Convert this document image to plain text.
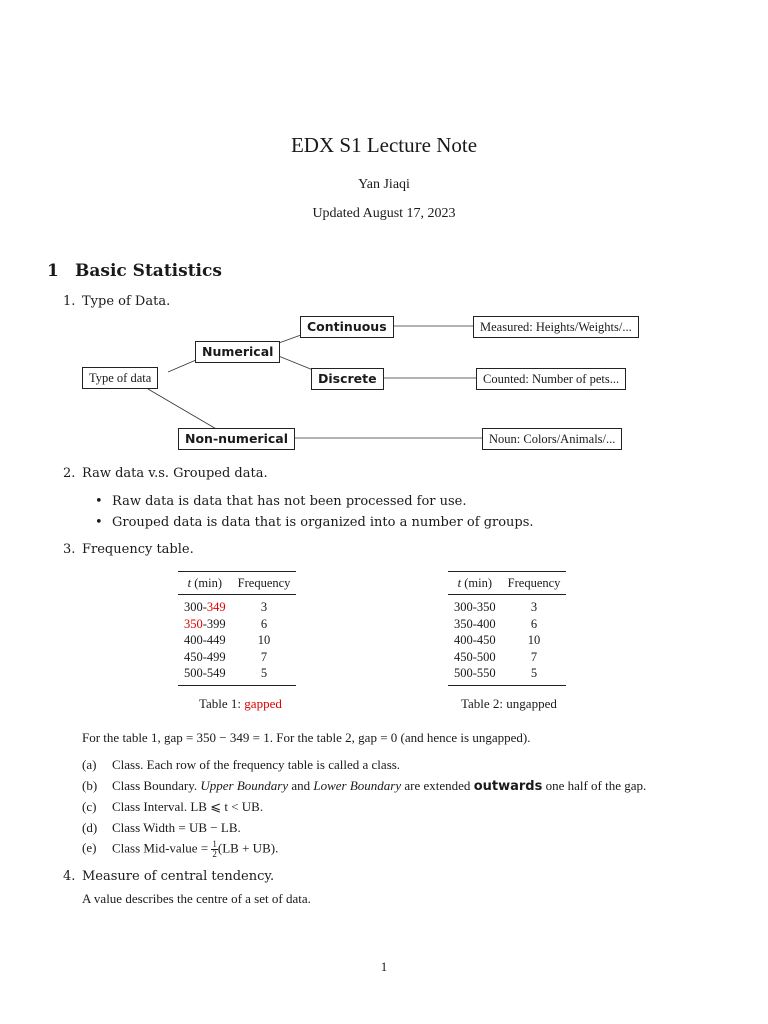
EDX S1 Lecture Note
Yan Jiaqi
Updated August 17, 2023
1 Basic Statistics
1. Type of Data.
Type of data
Numerical
Non-numerical
Continuous
Discrete
Measured: Heights/Weights/...
Counted: Number of pets...
Noun: Colors/Animals/...
2. Raw data v.s. Grouped data.
• Raw data is data that has not been processed for use.
• Grouped data is data that is organized into a number of groups.
3. Frequency table.
t (min)	Frequency
300-349	3
350-399	6
400-449	10
450-499	7
500-549	5
Table 1: gapped
t (min)	Frequency
300-350	3
350-400	6
400-450	10
450-500	7
500-550	5
Table 2: ungapped
For the table 1, gap = 350 − 349 = 1. For the table 2, gap = 0 (and hence is ungapped).
(a) Class. Each row of the frequency table is called a class.
(b) Class Boundary. Upper Boundary and Lower Boundary are extended outwards one half of the gap.
(c) Class Interval. LB ⩽ t < UB.
(d) Class Width = UB − LB.
(e) Class Mid-value = $\frac{1}{2} (LB + UB)$.
4. Measure of central tendency.
A value describes the centre of a set of data.
1
